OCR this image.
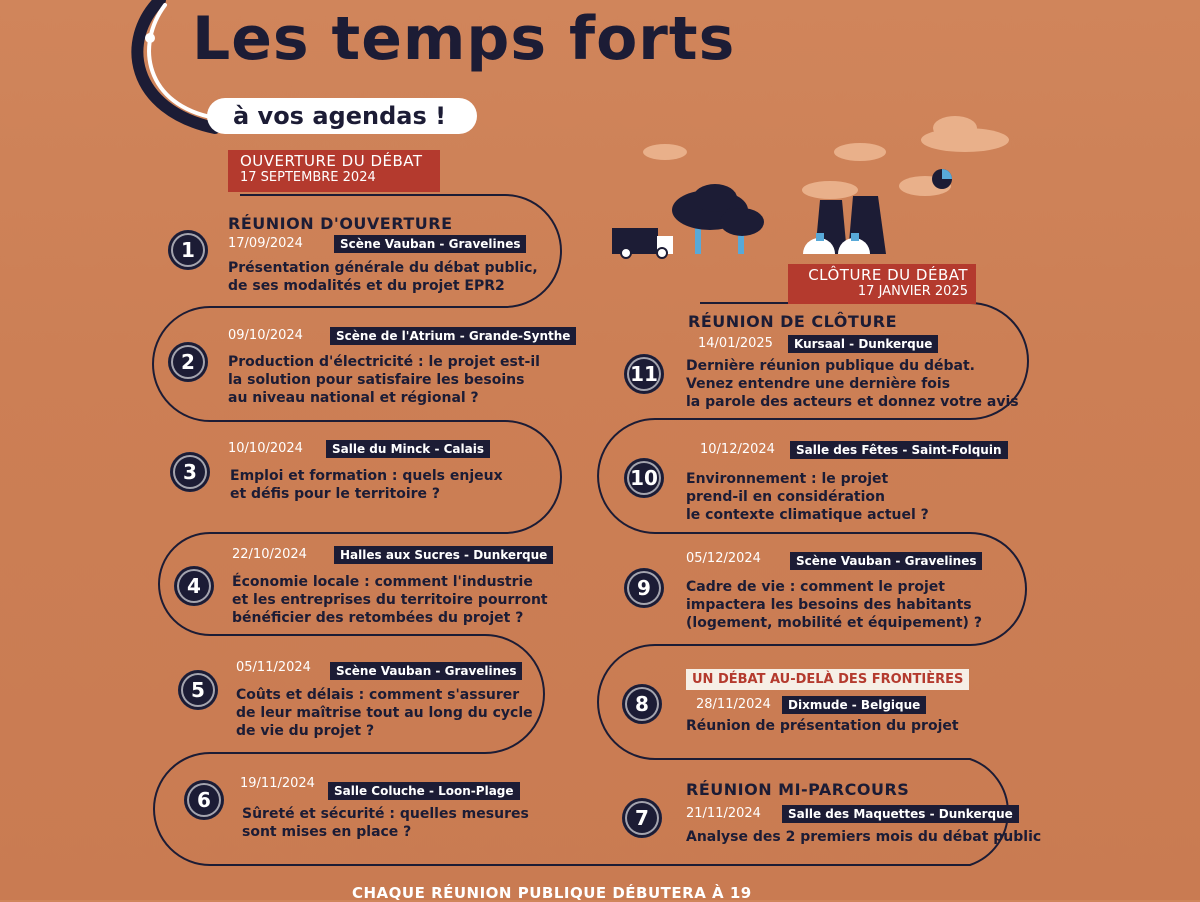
Les temps forts
à vos agendas !
OUVERTURE DU DÉBAT
17 SEPTEMBRE 2024
CLÔTURE DU DÉBAT
17 JANVIER 2025
RÉUNION D'OUVERTURE
1	17/09/2024	Scène Vauban - Gravelines
Présentation générale du débat public,
de ses modalités et du projet EPR2
2
09/10/2024	Scène de l'Atrium - Grande-Synthe
Production d'électricité : le projet est-il
la solution pour satisfaire les besoins
au niveau national et régional ?
3
10/10/2024	Salle du Minck - Calais
Emploi et formation : quels enjeux
et défis pour le territoire ?
4
22/10/2024	Halles aux Sucres - Dunkerque
Économie locale : comment l'industrie
et les entreprises du territoire pourront
bénéficier des retombées du projet ?
5
05/11/2024	Scène Vauban - Gravelines
Coûts et délais : comment s'assurer
de leur maîtrise tout au long du cycle
de vie du projet ?
6
19/11/2024	Salle Coluche - Loon-Plage
Sûreté et sécurité : quelles mesures
sont mises en place ?
RÉUNION DE CLÔTURE
11
14/01/2025	Kursaal - Dunkerque
Dernière réunion publique du débat.
Venez entendre une dernière fois
la parole des acteurs et donnez votre avis
10
10/12/2024	Salle des Fêtes - Saint-Folquin
Environnement : le projet
prend-il en considération
le contexte climatique actuel ?
9
05/12/2024	Scène Vauban - Gravelines
Cadre de vie : comment le projet
impactera les besoins des habitants
(logement, mobilité et équipement) ?
UN DÉBAT AU-DELÀ DES FRONTIÈRES
8	28/11/2024	Dixmude - Belgique
Réunion de présentation du projet
RÉUNION MI-PARCOURS
7	21/11/2024	Salle des Maquettes - Dunkerque
Analyse des 2 premiers mois du débat public
CHAQUE RÉUNION PUBLIQUE DÉBUTERA À 19
